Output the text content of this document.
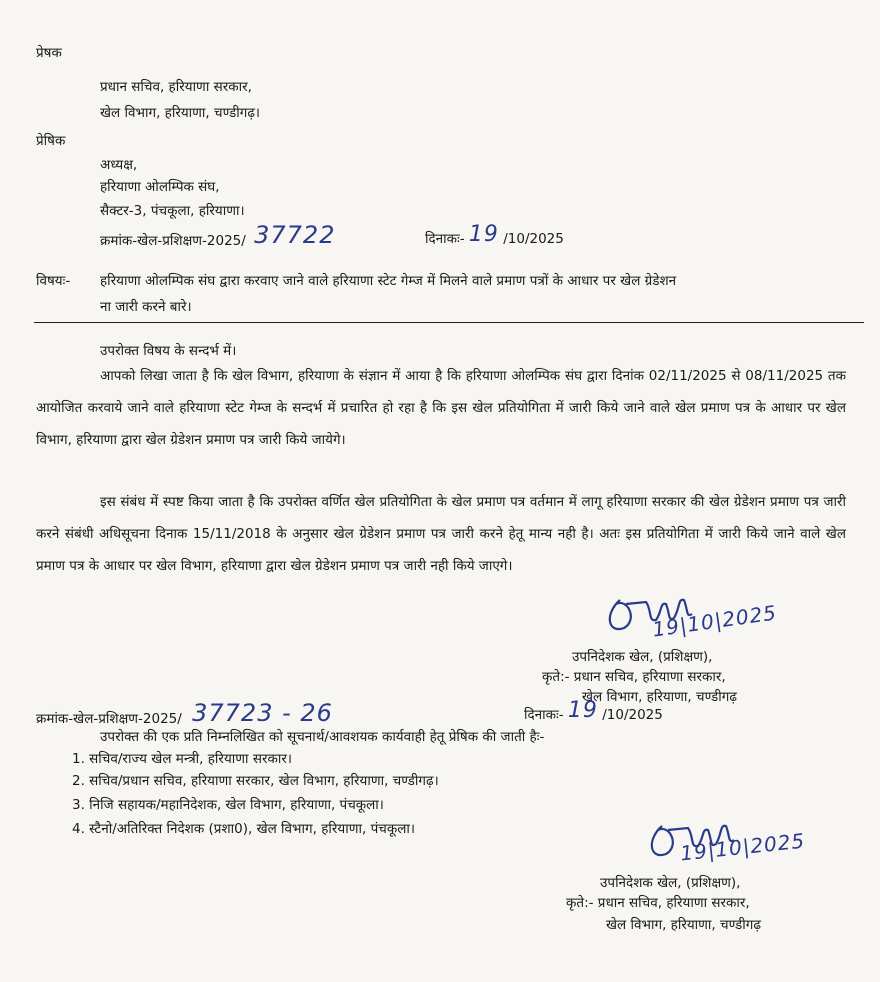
प्रेषक
प्रधान सचिव, हरियाणा सरकार,
खेल विभाग, हरियाणा, चण्डीगढ़।
प्रेषिक
अध्यक्ष,
हरियाणा ओलम्पिक संघ,
सैक्टर-3, पंचकूला, हरियाणा।
क्रमांक-खेल-प्रशिक्षण-2025/ 37722	दिनाकः- 19 /10/2025
विषयः- हरियाणा ओलम्पिक संघ द्वारा करवाए जाने वाले हरियाणा स्टेट गेम्ज में मिलने वाले प्रमाण पत्रों के आधार पर खेल ग्रेडेशन
ना जारी करने बारे।
उपरोक्त विषय के सन्दर्भ में।
आपको लिखा जाता है कि खेल विभाग, हरियाणा के संज्ञान में आया है कि हरियाणा ओलम्पिक संघ द्वारा दिनांक 02/11/2025 से 08/11/2025 तक आयोजित करवाये जाने वाले हरियाणा स्टेट गेम्ज के सन्दर्भ में प्रचारित हो रहा है कि इस खेल प्रतियोगिता में जारी किये जाने वाले खेल प्रमाण पत्र के आधार पर खेल विभाग, हरियाणा द्वारा खेल ग्रेडेशन प्रमाण पत्र जारी किये जायेगे।
इस संबंध में स्पष्ट किया जाता है कि उपरोक्त वर्णित खेल प्रतियोगिता के खेल प्रमाण पत्र वर्तमान में लागू हरियाणा सरकार की खेल ग्रेडेशन प्रमाण पत्र जारी करने संबंधी अधिसूचना दिनाक 15/11/2018 के अनुसार खेल ग्रेडेशन प्रमाण पत्र जारी करने हेतू मान्य नही है। अतः इस प्रतियोगिता में जारी किये जाने वाले खेल प्रमाण पत्र के आधार पर खेल विभाग, हरियाणा द्वारा खेल ग्रेडेशन प्रमाण पत्र जारी नही किये जाएगे।
19|10|2025
उपनिदेशक खेल, (प्रशिक्षण),
कृते:- प्रधान सचिव, हरियाणा सरकार,
खेल विभाग, हरियाणा, चण्डीगढ़
क्रमांक-खेल-प्रशिक्षण-2025/ 37723 - 26	दिनाकः- 19 /10/2025
उपरोक्त की एक प्रति निम्नलिखित को सूचनार्थ/आवशयक कार्यवाही हेतू प्रेषिक की जाती हैः-
1. सचिव/राज्य खेल मन्त्री, हरियाणा सरकार।
2. सचिव/प्रधान सचिव, हरियाणा सरकार, खेल विभाग, हरियाणा, चण्डीगढ़।
3. निजि सहायक/महानिदेशक, खेल विभाग, हरियाणा, पंचकूला।
4. स्टैनो/अतिरिक्त निदेशक (प्रशा0), खेल विभाग, हरियाणा, पंचकूला।	19|10|2025
उपनिदेशक खेल, (प्रशिक्षण),
कृते:- प्रधान सचिव, हरियाणा सरकार,
खेल विभाग, हरियाणा, चण्डीगढ़
